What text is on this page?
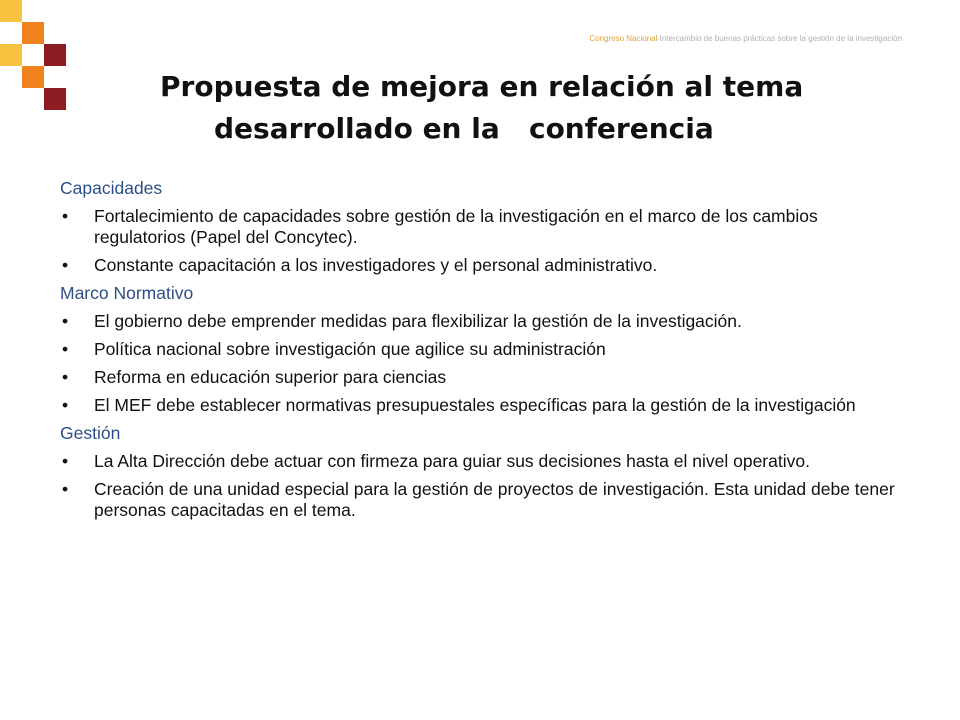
Congreso Nacional Intercambio de buenas prácticas sobre la gestión de la investigación
Propuesta de mejora en relación al tema
desarrollado en la   conferencia
Capacidades
• Fortalecimiento de capacidades sobre gestión de la investigación en el marco de los cambios regulatorios (Papel del Concytec).
• Constante capacitación a los investigadores y el personal administrativo.
Marco Normativo
• El gobierno debe emprender medidas para flexibilizar la gestión de la investigación.
• Política nacional sobre investigación que agilice su administración
• Reforma en educación superior para ciencias
• El MEF debe establecer normativas presupuestales específicas para la gestión de la investigación
Gestión
• La Alta Dirección debe actuar con firmeza para guiar sus decisiones hasta el nivel operativo.
• Creación de una unidad especial para la gestión de proyectos de investigación. Esta unidad debe tener personas capacitadas en el tema.
